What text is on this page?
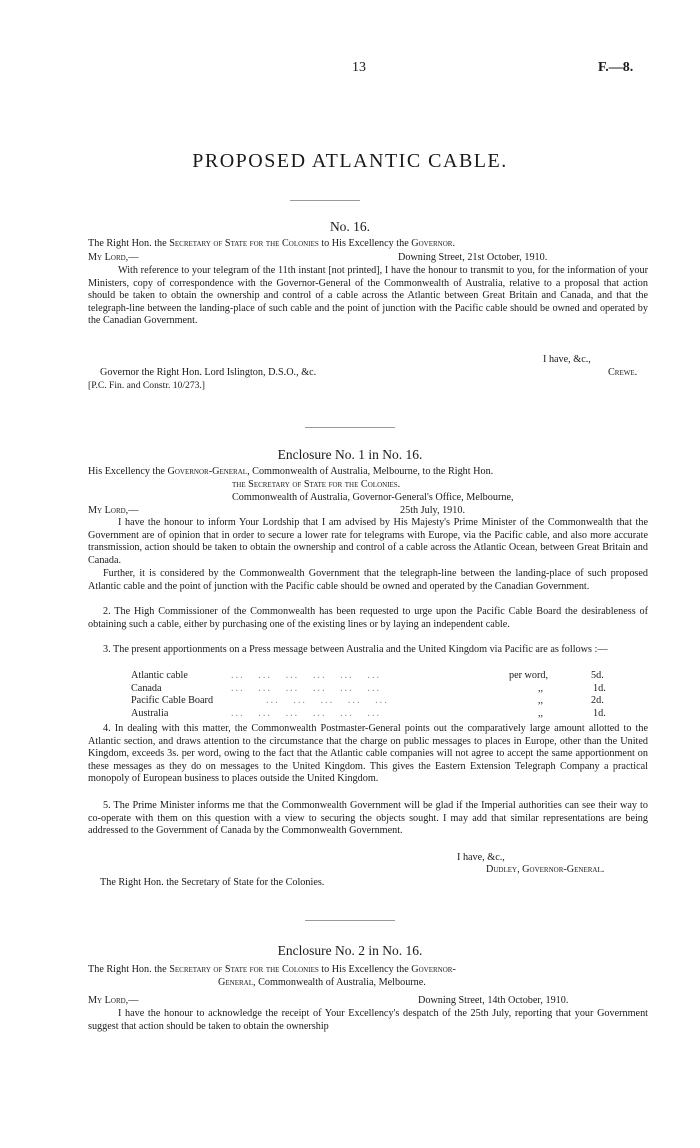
13	F.—8.
PROPOSED ATLANTIC CABLE.
No. 16.
The Right Hon. the Secretary of State for the Colonies to His Excellency the Governor.
My Lord,—	Downing Street, 21st October, 1910.
With reference to your telegram of the 11th instant [not printed], I have the honour to transmit to you, for the information of your Ministers, copy of correspondence with the Governor-General of the Commonwealth of Australia, relative to a proposal that action should be taken to obtain the ownership and control of a cable across the Atlantic between Great Britain and Canada, and that the telegraph-line between the landing-place of such cable and the point of junction with the Pacific cable should be owned and operated by the Canadian Government.
I have, &c.,
Governor the Right Hon. Lord Islington, D.S.O., &c.	Crewe.
[P.C. Fin. and Constr. 10/273.]
Enclosure No. 1 in No. 16.
His Excellency the Governor-General, Commonwealth of Australia, Melbourne, to the Right Hon.
the Secretary of State for the Colonies.
Commonwealth of Australia, Governor-General's Office, Melbourne,
My Lord,—	25th July, 1910.
I have the honour to inform Your Lordship that I am advised by His Majesty's Prime Minister of the Commonwealth that the Government are of opinion that in order to secure a lower rate for telegrams with Europe, via the Pacific cable, and also more accurate transmission, action should be taken to obtain the ownership and control of a cable across the Atlantic Ocean, between Great Britain and Canada.
Further, it is considered by the Commonwealth Government that the telegraph-line between the landing-place of such proposed Atlantic cable and the point of junction with the Pacific cable should be owned and operated by the Canadian Government.
2. The High Commissioner of the Commonwealth has been requested to urge upon the Pacific Cable Board the desirableness of obtaining such a cable, either by purchasing one of the existing lines or by laying an independent cable.
3. The present apportionments on a Press message between Australia and the United Kingdom via Pacific are as follows :—
Atlantic cable	...   ...   ...   ...   ...   ...	per word,	5d.
Canada	...   ...   ...   ...   ...   ...	,,	1d.
Pacific Cable Board	...   ...   ...   ...   ...	,,	2d.
Australia	...   ...   ...   ...   ...   ...	,,	1d.
4. In dealing with this matter, the Commonwealth Postmaster-General points out the comparatively large amount allotted to the Atlantic section, and draws attention to the circumstance that the charge on public messages to places in Europe, other than the United Kingdom, exceeds 3s. per word, owing to the fact that the Atlantic cable companies will not agree to accept the same apportionment on these messages as they do on messages to the United Kingdom. This gives the Eastern Extension Telegraph Company a practical monopoly of European business to places outside the United Kingdom.
5. The Prime Minister informs me that the Commonwealth Government will be glad if the Imperial authorities can see their way to co-operate with them on this question with a view to securing the objects sought. I may add that similar representations are being addressed to the Government of Canada by the Commonwealth Government.
I have, &c.,
Dudley, Governor-General.
The Right Hon. the Secretary of State for the Colonies.
Enclosure No. 2 in No. 16.
The Right Hon. the Secretary of State for the Colonies to His Excellency the Governor-
General, Commonwealth of Australia, Melbourne.
My Lord,—	Downing Street, 14th October, 1910.
I have the honour to acknowledge the receipt of Your Excellency's despatch of the 25th July, reporting that your Government suggest that action should be taken to obtain the ownership
